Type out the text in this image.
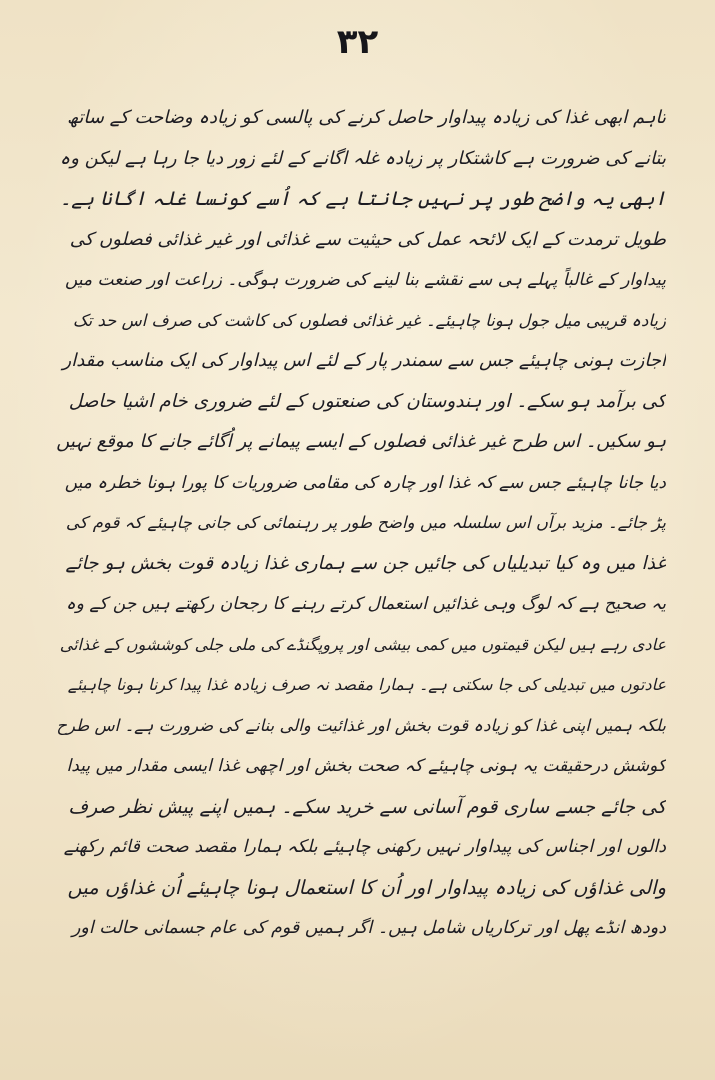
۳۲
تاہم ابھی غذا کی زیادہ پیداوار حاصل کرنے کی پالسی کو زیادہ وضاحت کے ساتھ
بتانے کی ضرورت ہے کاشتکار پر زیادہ غلہ اگانے کے لئے زور دیا جا رہا ہے لیکن وہ
ابھی یہ واضح طور پر نہیں جانتا ہے کہ اُسے کونسا غلہ اگانا ہے۔
طویل ترمدت کے ایک لائحہ عمل کی حیثیت سے غذائی اور غیر غذائی فصلوں کی
پیداوار کے غالباً پہلے ہی سے نقشے بنا لینے کی ضرورت ہوگی۔ زراعت اور صنعت میں
زیادہ قریبی میل جول ہونا چاہیئے۔ غیر غذائی فصلوں کی کاشت کی صرف اس حد تک
اجازت ہونی چاہیئے جس سے سمندر پار کے لئے اس پیداوار کی ایک مناسب مقدار
کی برآمد ہو سکے۔ اور ہندوستان کی صنعتوں کے لئے ضروری خام اشیا حاصل
ہو سکیں۔ اس طرح غیر غذائی فصلوں کے ایسے پیمانے پر اُگائے جانے کا موقع نہیں
دیا جانا چاہیئے جس سے کہ غذا اور چارہ کی مقامی ضروریات کا پورا ہونا خطرہ میں
پڑ جائے۔ مزید برآں اس سلسلہ میں واضح طور پر رہنمائی کی جانی چاہیئے کہ قوم کی
غذا میں وہ کیا تبدیلیاں کی جائیں جن سے ہماری غذا زیادہ قوت بخش ہو جائے
یہ صحیح ہے کہ لوگ وہی غذائیں استعمال کرتے رہنے کا رجحان رکھتے ہیں جن کے وہ
عادی رہے ہیں لیکن قیمتوں میں کمی بیشی اور پروپگنڈے کی ملی جلی کوششوں کے غذائی
عادتوں میں تبدیلی کی جا سکتی ہے۔ ہمارا مقصد نہ صرف زیادہ غذا پیدا کرنا ہونا چاہیئے
بلکہ ہمیں اپنی غذا کو زیادہ قوت بخش اور غذائیت والی بنانے کی ضرورت ہے۔ اس طرح
کوشش درحقیقت یہ ہونی چاہیئے کہ صحت بخش اور اچھی غذا ایسی مقدار میں پیدا
کی جائے جسے ساری قوم آسانی سے خرید سکے۔ ہمیں اپنے پیش نظر صرف
دالوں اور اجناس کی پیداوار نہیں رکھنی چاہیئے بلکہ ہمارا مقصد صحت قائم رکھنے
والی غذاؤں کی زیادہ پیداوار اور اُن کا استعمال ہونا چاہیئے اُن غذاؤں میں
دودھ انڈے پھل اور ترکاریاں شامل ہیں۔ اگر ہمیں قوم کی عام جسمانی حالت اور
